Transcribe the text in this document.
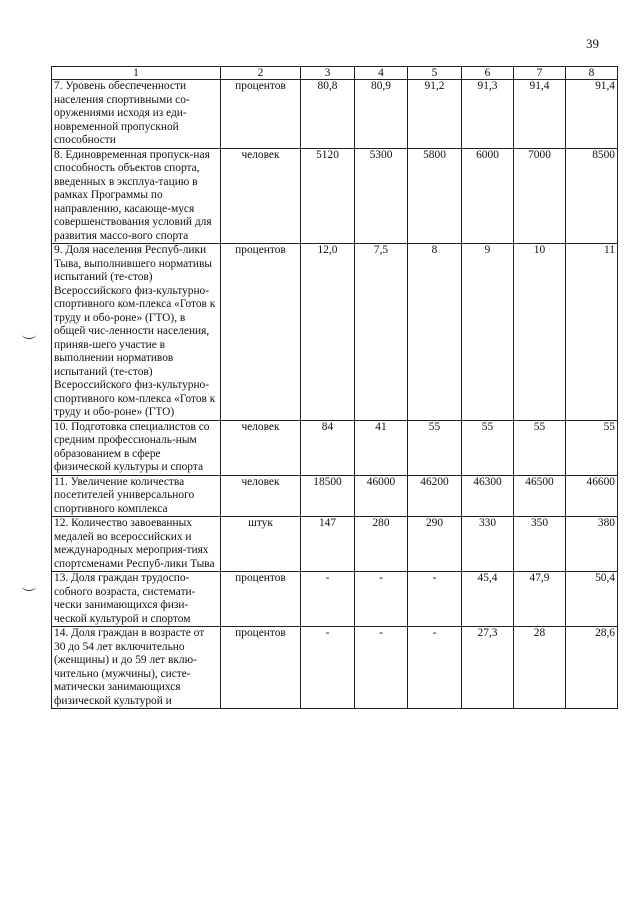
39
1	2	3	4	5	6	7	8
7. Уровень обеспеченности населения спортивными со-оружениями исходя из еди-новременной пропускной способности	процентов	80,8	80,9	91,2	91,3	91,4	91,4
8. Единовременная пропуск-ная способность объектов спорта, введенных в эксплуа-тацию в рамках Программы по направлению, касающе-муся совершенствования условий для развития массо-вого спорта	человек	5120	5300	5800	6000	7000	8500
9. Доля населения Респуб-лики Тыва, выполнившего нормативы испытаний (те-стов) Всероссийского физ-культурно-спортивного ком-плекса «Готов к труду и обо-роне» (ГТО), в общей чис-ленности населения, приняв-шего участие в выполнении нормативов испытаний (те-стов) Всероссийского физ-культурно-спортивного ком-плекса «Готов к труду и обо-роне» (ГТО)	процентов	12,0	7,5	8	9	10	11
10. Подготовка специалистов со средним профессиональ-ным образованием в сфере физической культуры и спорта	человек	84	41	55	55	55	55
11. Увеличение количества посетителей универсального спортивного комплекса	человек	18500	46000	46200	46300	46500	46600
12. Количество завоеванных медалей во всероссийских и международных мероприя-тиях спортсменами Респуб-лики Тыва	штук	147	280	290	330	350	380
13. Доля граждан трудоспо-собного возраста, системати-чески занимающихся физи-ческой культурой и спортом	процентов	-	-	-	45,4	47,9	50,4
14. Доля граждан в возрасте от 30 до 54 лет включительно (женщины) и до 59 лет вклю-чительно (мужчины), систе-матически занимающихся физической культурой и	процентов	-	-	-	27,3	28	28,6
